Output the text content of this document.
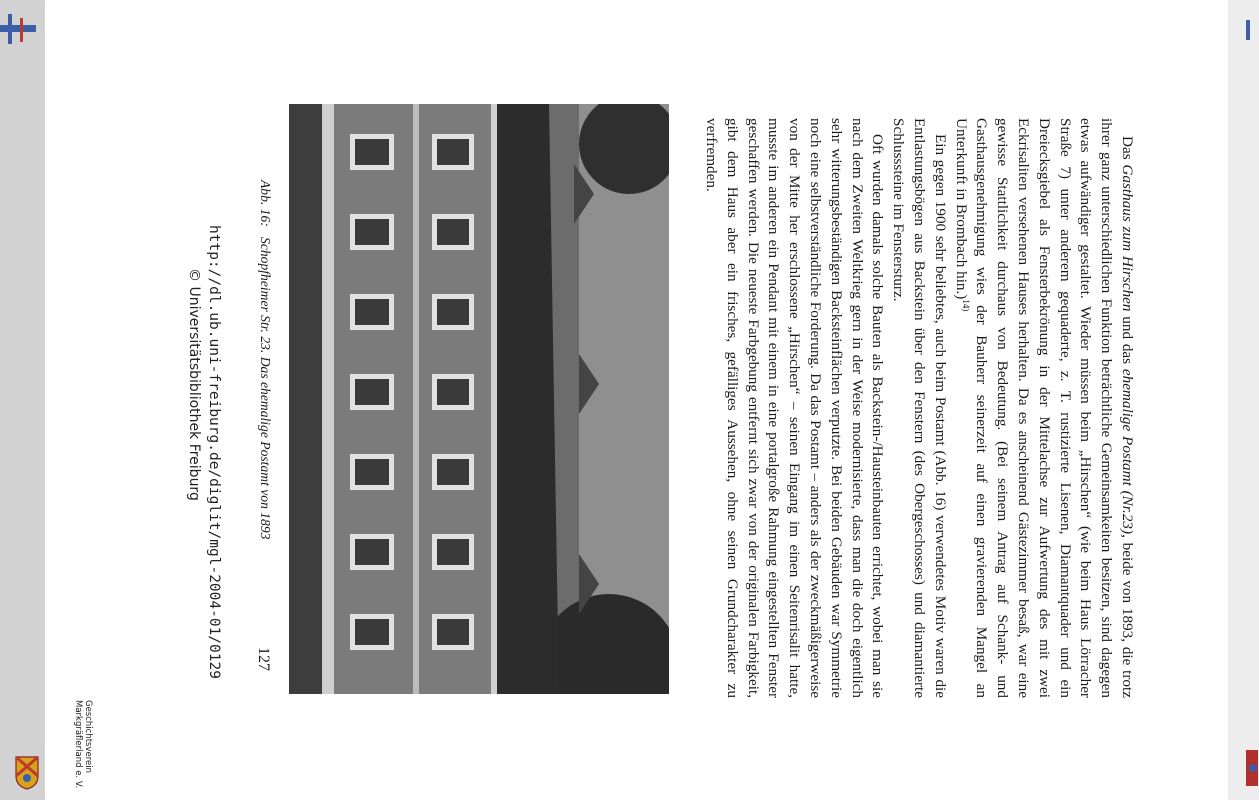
Das Gasthaus zum Hirschen und das ehemalige Postamt (Nr.23), beide von 1893, die trotz ihrer ganz unterschiedlichen Funktion beträchtliche Gemeinsamkeiten besitzen, sind dagegen etwas aufwändiger gestaltet. Wieder müssen beim „Hirschen“ (wie beim Haus Lörracher Straße 7) unter anderem gequaderte, z. T. rustizierte Lisenen, Diamantquader und ein Dreiecksgiebel als Fensterbekrönung in der Mittelachse zur Aufwertung des mit zwei Eckrisaliten versehenen Hauses herhalten. Da es anscheinend Gästezimmer besaß, war eine gewisse Stattlichkeit durchaus von Bedeutung. (Bei seinem Antrag auf Schank- und Gasthausgenehmigung wies der Bauherr seinerzeit auf einen gravierenden Mangel an Unterkunft in Brombach hin.)$^{14)}$

Ein gegen 1900 sehr beliebtes, auch beim Postamt (Abb. 16) verwendetes Motiv waren die Entlastungsbögen aus Backstein über den Fenstern (des Obergeschosses) und diamantierte Schlusssteine im Fenstersturz.

Oft wurden damals solche Bauten als Backstein-/Hausteinbauten errichtet, wobei man sie nach dem Zweiten Weltkrieg gern in der Weise modernisierte, dass man die doch eigentlich sehr witterungsbeständigen Backsteinflächen verputzte. Bei beiden Gebäuden war Symmetrie noch eine selbstverständliche Forderung. Da das Postamt – anders als der zweckmäßigerweise von der Mitte her erschlossene „Hirschen“ – seinen Eingang im einen Seitenrisalit hatte, musste im anderen ein Pendant mit einem in eine portalgroße Rahmung eingestellten Fenster geschaffen werden. Die neueste Farbgebung entfernt sich zwar von der originalen Farbigkeit, gibt dem Haus aber ein frisches, gefälliges Aussehen, ohne seinen Grundcharakter zu verfremden.

Abb. 16:   Schopfheimer Str. 23. Das ehemalige Postamt von 1893
127
http://dl.ub.uni-freiburg.de/diglit/mgl-2004-01/0129
© Universitätsbibliothek Freiburg
Geschichtsverein
Markgräflerland e. V.
